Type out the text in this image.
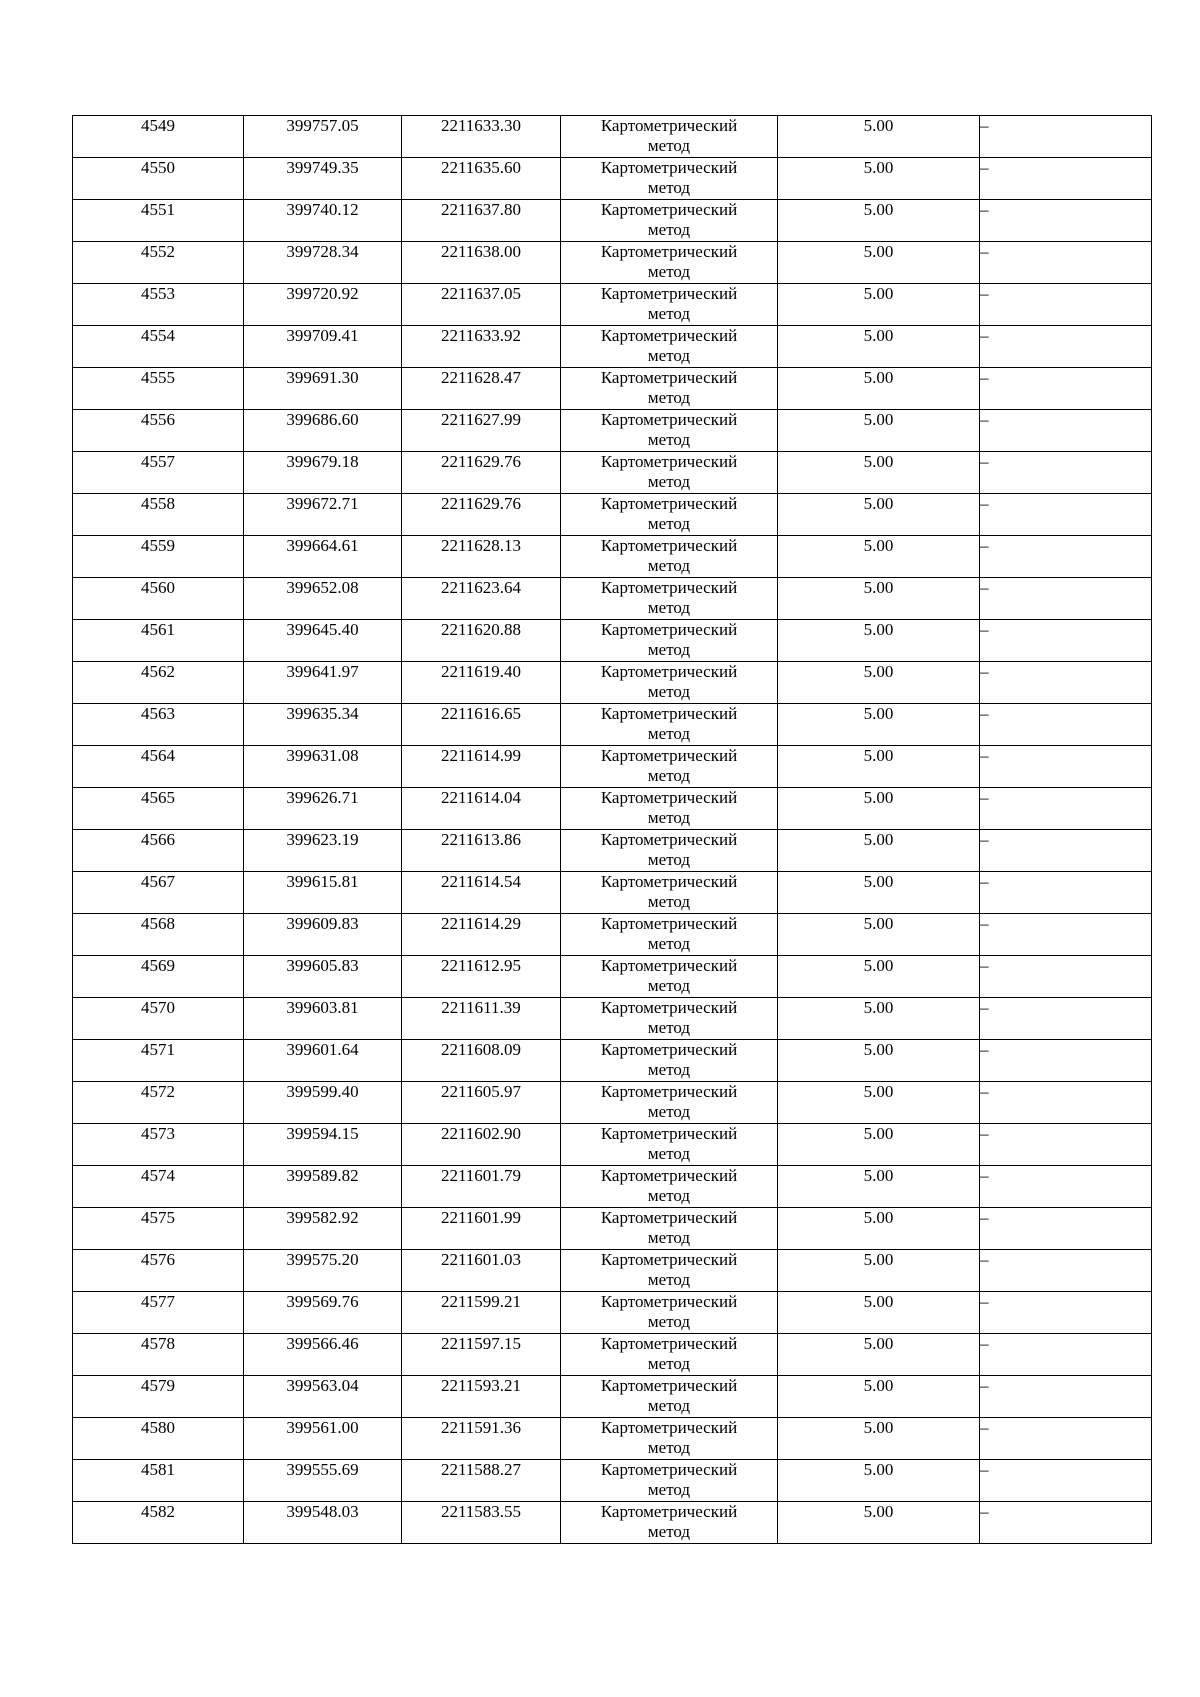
4549	399757.05	2211633.30	Картометрический
метод	5.00	–
4550	399749.35	2211635.60	Картометрический
метод	5.00	–
4551	399740.12	2211637.80	Картометрический
метод	5.00	–
4552	399728.34	2211638.00	Картометрический
метод	5.00	–
4553	399720.92	2211637.05	Картометрический
метод	5.00	–
4554	399709.41	2211633.92	Картометрический
метод	5.00	–
4555	399691.30	2211628.47	Картометрический
метод	5.00	–
4556	399686.60	2211627.99	Картометрический
метод	5.00	–
4557	399679.18	2211629.76	Картометрический
метод	5.00	–
4558	399672.71	2211629.76	Картометрический
метод	5.00	–
4559	399664.61	2211628.13	Картометрический
метод	5.00	–
4560	399652.08	2211623.64	Картометрический
метод	5.00	–
4561	399645.40	2211620.88	Картометрический
метод	5.00	–
4562	399641.97	2211619.40	Картометрический
метод	5.00	–
4563	399635.34	2211616.65	Картометрический
метод	5.00	–
4564	399631.08	2211614.99	Картометрический
метод	5.00	–
4565	399626.71	2211614.04	Картометрический
метод	5.00	–
4566	399623.19	2211613.86	Картометрический
метод	5.00	–
4567	399615.81	2211614.54	Картометрический
метод	5.00	–
4568	399609.83	2211614.29	Картометрический
метод	5.00	–
4569	399605.83	2211612.95	Картометрический
метод	5.00	–
4570	399603.81	2211611.39	Картометрический
метод	5.00	–
4571	399601.64	2211608.09	Картометрический
метод	5.00	–
4572	399599.40	2211605.97	Картометрический
метод	5.00	–
4573	399594.15	2211602.90	Картометрический
метод	5.00	–
4574	399589.82	2211601.79	Картометрический
метод	5.00	–
4575	399582.92	2211601.99	Картометрический
метод	5.00	–
4576	399575.20	2211601.03	Картометрический
метод	5.00	–
4577	399569.76	2211599.21	Картометрический
метод	5.00	–
4578	399566.46	2211597.15	Картометрический
метод	5.00	–
4579	399563.04	2211593.21	Картометрический
метод	5.00	–
4580	399561.00	2211591.36	Картометрический
метод	5.00	–
4581	399555.69	2211588.27	Картометрический
метод	5.00	–
4582	399548.03	2211583.55	Картометрический
метод	5.00	–
